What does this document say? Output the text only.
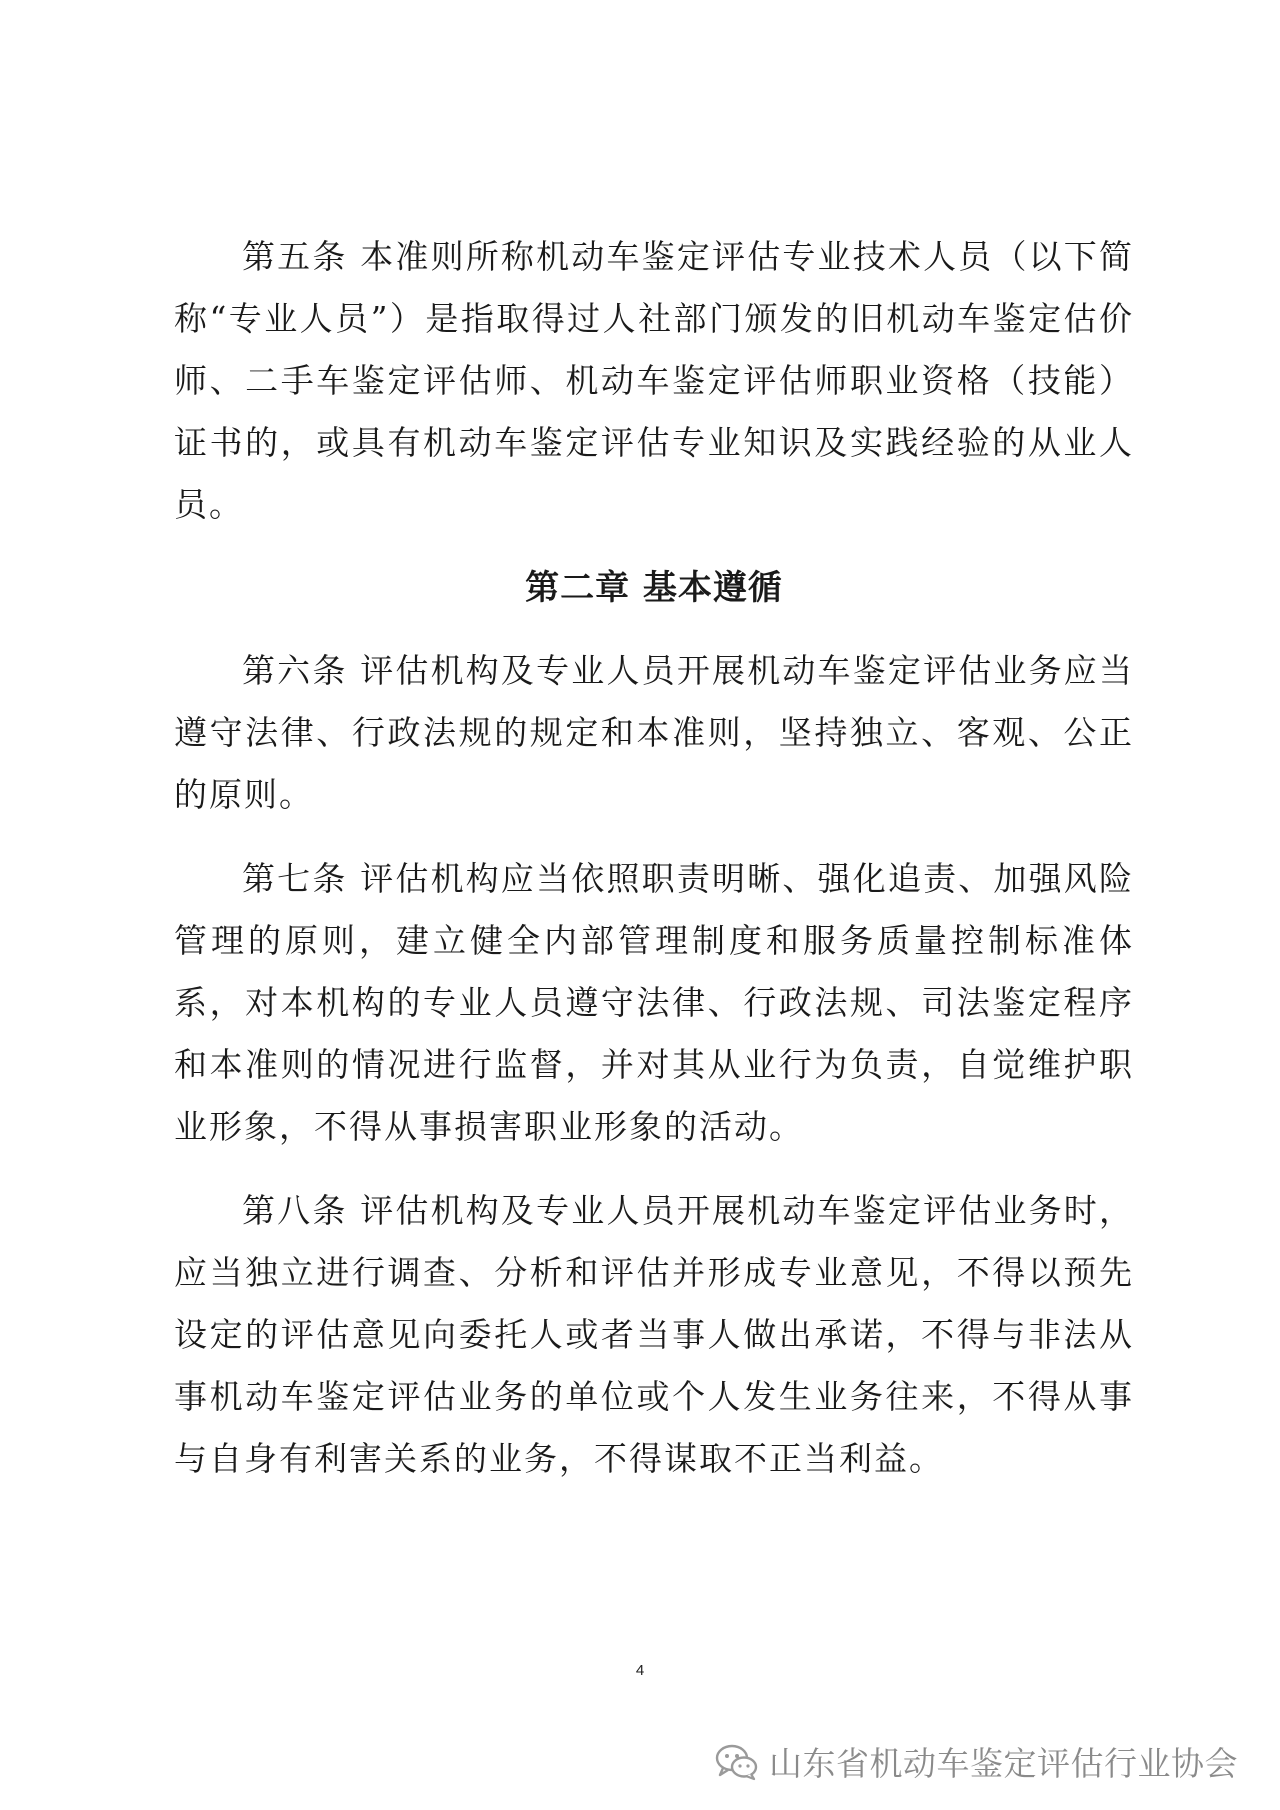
第五条 本准则所称机动车鉴定评估专业技术人员（以下简称“专业人员”）是指取得过人社部门颁发的旧机动车鉴定估价师、二手车鉴定评估师、机动车鉴定评估师职业资格（技能）证书的，或具有机动车鉴定评估专业知识及实践经验的从业人员。

第二章 基本遵循

第六条 评估机构及专业人员开展机动车鉴定评估业务应当遵守法律、行政法规的规定和本准则，坚持独立、客观、公正的原则。

第七条 评估机构应当依照职责明晰、强化追责、加强风险管理的原则，建立健全内部管理制度和服务质量控制标准体系，对本机构的专业人员遵守法律、行政法规、司法鉴定程序和本准则的情况进行监督，并对其从业行为负责，自觉维护职业形象，不得从事损害职业形象的活动。

第八条 评估机构及专业人员开展机动车鉴定评估业务时，应当独立进行调查、分析和评估并形成专业意见，不得以预先设定的评估意见向委托人或者当事人做出承诺，不得与非法从事机动车鉴定评估业务的单位或个人发生业务往来，不得从事与自身有利害关系的业务，不得谋取不正当利益。

4
山东省机动车鉴定评估行业协会
